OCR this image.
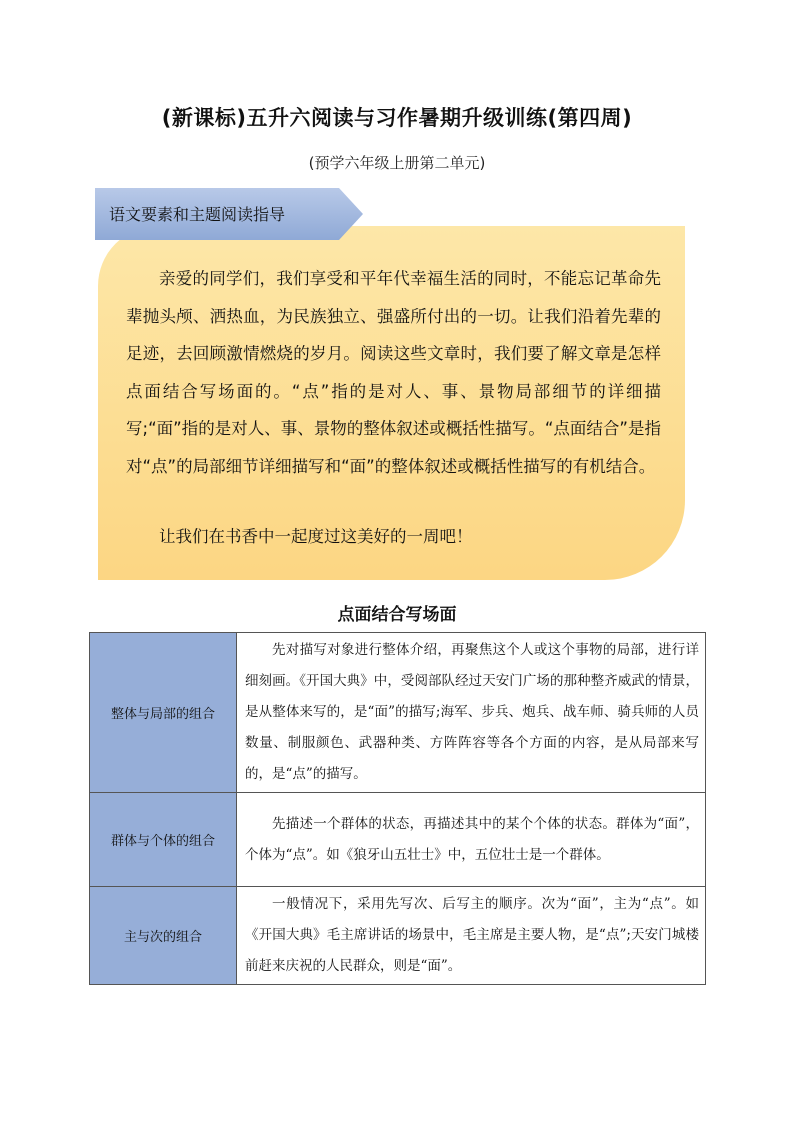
(新课标)五升六阅读与习作暑期升级训练(第四周)
(预学六年级上册第二单元)
亲爱的同学们，我们享受和平年代幸福生活的同时，不能忘记革命先辈抛头颅、洒热血，为民族独立、强盛所付出的一切。让我们沿着先辈的足迹，去回顾激情燃烧的岁月。阅读这些文章时，我们要了解文章是怎样点面结合写场面的。“点”指的是对人、事、景物局部细节的详细描写;“面”指的是对人、事、景物的整体叙述或概括性描写。“点面结合”是指对“点”的局部细节详细描写和“面”的整体叙述或概括性描写的有机结合。
让我们在书香中一起度过这美好的一周吧！
语文要素和主题阅读指导
点面结合写场面
整体与局部的组合	先对描写对象进行整体介绍，再聚焦这个人或这个事物的局部，进行详细刻画。《开国大典》中，受阅部队经过天安门广场的那种整齐威武的情景，是从整体来写的，是“面”的描写;海军、步兵、炮兵、战车师、骑兵师的人员数量、制服颜色、武器种类、方阵阵容等各个方面的内容，是从局部来写的，是“点”的描写。
群体与个体的组合	先描述一个群体的状态，再描述其中的某个个体的状态。群体为“面”，个体为“点”。如《狼牙山五壮士》中，五位壮士是一个群体。
主与次的组合	一般情况下，采用先写次、后写主的顺序。次为“面”，主为“点”。如《开国大典》毛主席讲话的场景中，毛主席是主要人物，是“点”;天安门城楼前赶来庆祝的人民群众，则是“面”。
